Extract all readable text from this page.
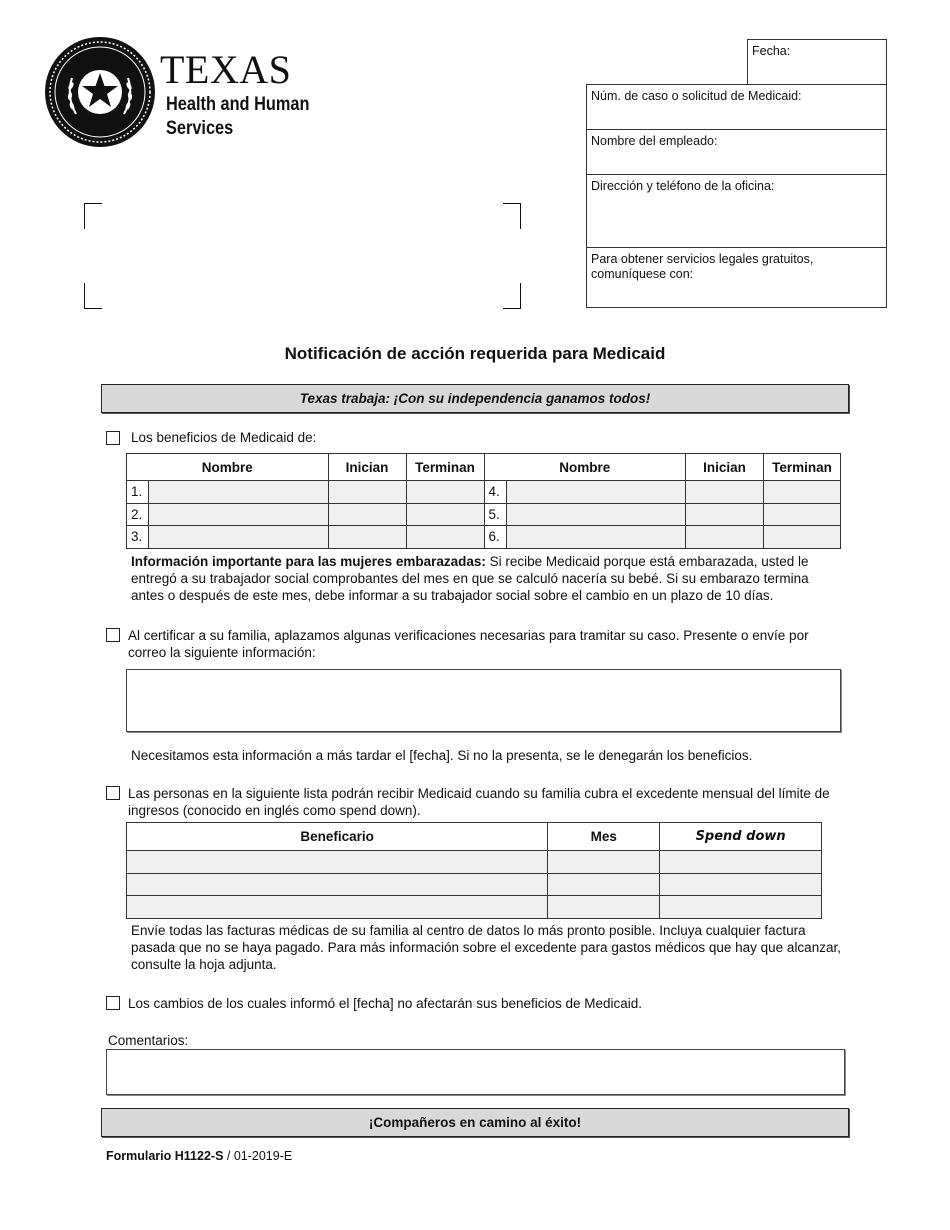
TEXAS
Health and Human
Services
Fecha:
Núm. de caso o solicitud de Medicaid:
Nombre del empleado:
Dirección y teléfono de la oficina:
Para obtener servicios legales gratuitos, comuníquese con:
Notificación de acción requerida para Medicaid
Texas trabaja: ¡Con su independencia ganamos todos!
Los beneficios de Medicaid de:
Nombre		Inician	Terminan	Nombre		Inician	Terminan
1.				4.			
2.				5.			
3.				6.			
Información importante para las mujeres embarazadas: Si recibe Medicaid porque está embarazada, usted le entregó a su trabajador social comprobantes del mes en que se calculó nacería su bebé. Si su embarazo termina antes o después de este mes, debe informar a su trabajador social sobre el cambio en un plazo de 10 días.
Al certificar a su familia, aplazamos algunas verificaciones necesarias para tramitar su caso. Presente o envíe por correo la siguiente información:
Necesitamos esta información a más tardar el [fecha]. Si no la presenta, se le denegarán los beneficios.
Las personas en la siguiente lista podrán recibir Medicaid cuando su familia cubra el excedente mensual del límite de ingresos (conocido en inglés como spend down).
Beneficario	Mes	Spend down

Envíe todas las facturas médicas de su familia al centro de datos lo más pronto posible. Incluya cualquier factura pasada que no se haya pagado. Para más información sobre el excedente para gastos médicos que hay que alcanzar, consulte la hoja adjunta.
Los cambios de los cuales informó el [fecha] no afectarán sus beneficios de Medicaid.
Comentarios:
¡Compañeros en camino al éxito!
Formulario H1122-S / 01-2019-E
